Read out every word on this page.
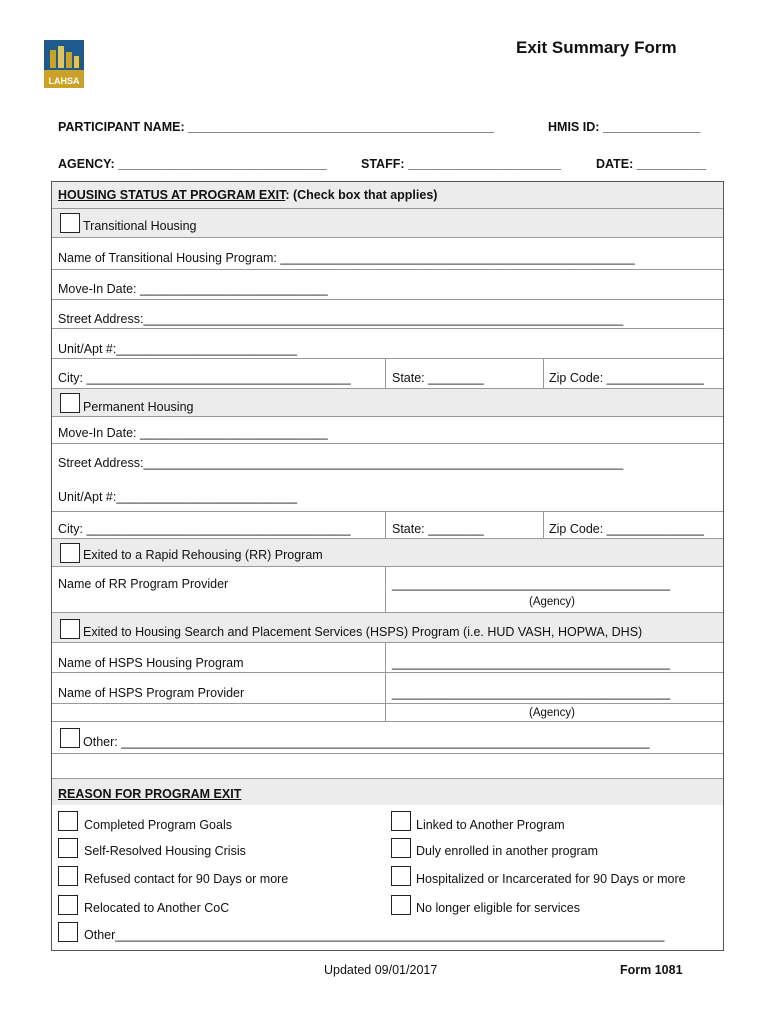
LAHSA
Exit Summary Form
PARTICIPANT NAME: ____________________________________________	HMIS ID: ______________
AGENCY: ______________________________	STAFF: ______________________	DATE: __________
HOUSING STATUS AT PROGRAM EXIT: (Check box that applies)
Transitional Housing
Name of Transitional Housing Program: ___________________________________________________
Move-In Date: ___________________________
Street Address:_____________________________________________________________________
Unit/Apt #:__________________________
City: ______________________________________	State: ________	Zip Code: ______________
Permanent Housing
Move-In Date: ___________________________
Street Address:_____________________________________________________________________
Unit/Apt #:__________________________
City: ______________________________________	State: ________	Zip Code: ______________
Exited to a Rapid Rehousing (RR) Program
Name of RR Program Provider	________________________________________
(Agency)
Exited to Housing Search and Placement Services (HSPS) Program (i.e. HUD VASH, HOPWA, DHS)
Name of HSPS Housing Program	________________________________________
Name of HSPS Program Provider	________________________________________
(Agency)
Other: ____________________________________________________________________________
REASON FOR PROGRAM EXIT
Completed Program Goals
Self-Resolved Housing Crisis
Refused contact for 90 Days or more
Relocated to Another CoC
Linked to Another Program
Duly enrolled in another program
Hospitalized or Incarcerated for 90 Days or more
No longer eligible for services
Other_______________________________________________________________________________
Updated 09/01/2017	Form 1081
